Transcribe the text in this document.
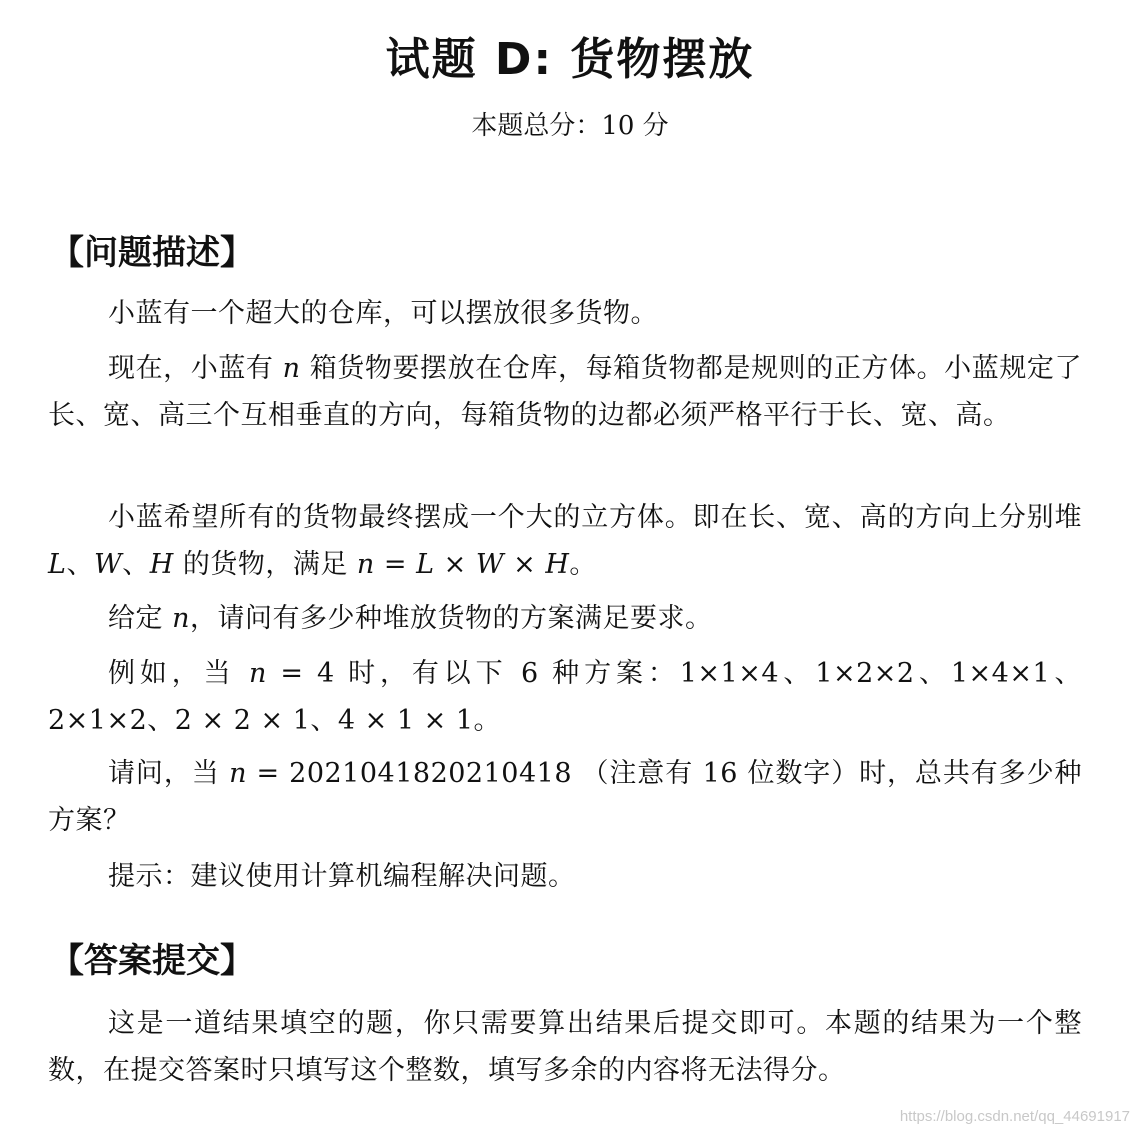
试题 D: 货物摆放
本题总分：10 分
【问题描述】
小蓝有一个超大的仓库，可以摆放很多货物。
现在，小蓝有 n 箱货物要摆放在仓库，每箱货物都是规则的正方体。小蓝规定了长、宽、高三个互相垂直的方向，每箱货物的边都必须严格平行于长、宽、高。
小蓝希望所有的货物最终摆成一个大的立方体。即在长、宽、高的方向上分别堆 L、W、H 的货物，满足 n = L × W × H。
给定 n，请问有多少种堆放货物的方案满足要求。
例如，当 n = 4 时，有以下 6 种方案：1×1×4、1×2×2、1×4×1、2×1×2、2 × 2 × 1、4 × 1 × 1。
请问，当 n = 2021041820210418 （注意有 16 位数字）时，总共有多少种方案？
提示：建议使用计算机编程解决问题。
【答案提交】
这是一道结果填空的题，你只需要算出结果后提交即可。本题的结果为一个整数，在提交答案时只填写这个整数，填写多余的内容将无法得分。
https://blog.csdn.net/qq_44691917
